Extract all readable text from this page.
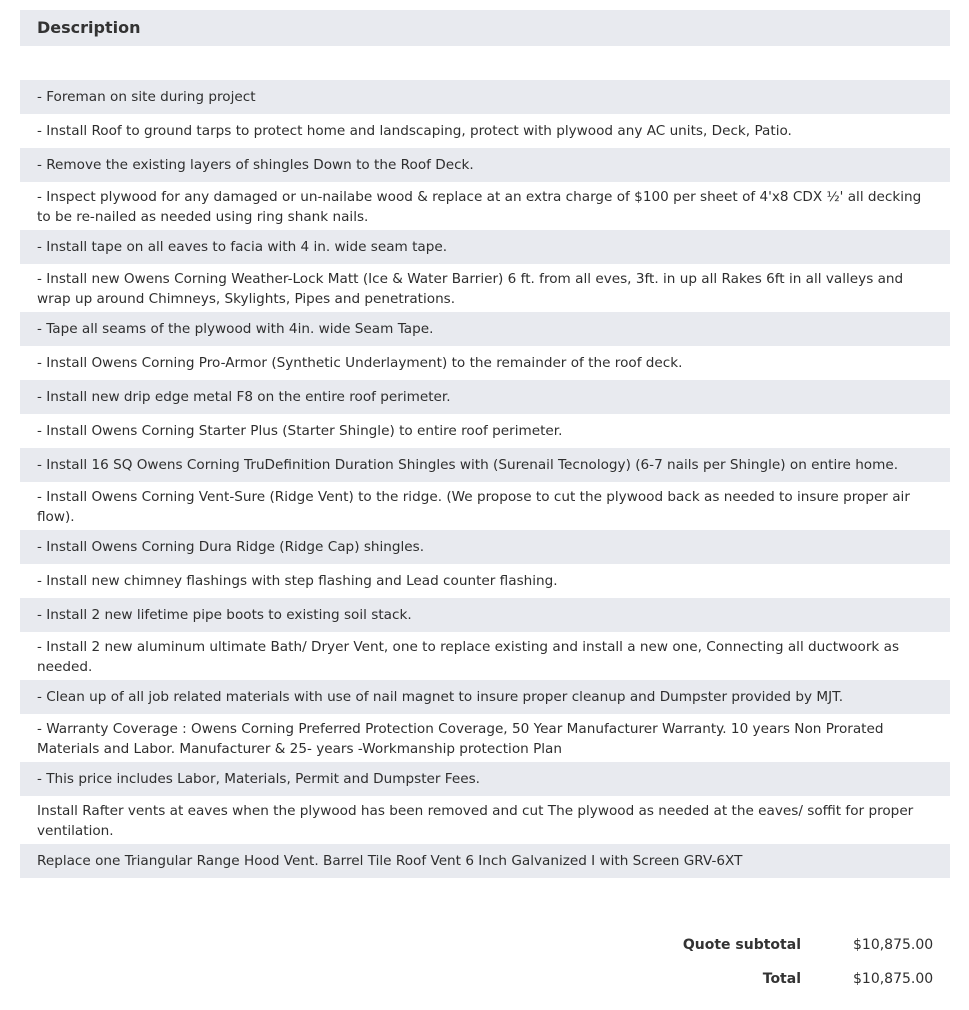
Description
- Foreman on site during project
- Install Roof to ground tarps to protect home and landscaping, protect with plywood any AC units, Deck, Patio.
- Remove the existing layers of shingles Down to the Roof Deck.
- Inspect plywood for any damaged or un-nailabe wood & replace at an extra charge of $100 per sheet of 4'x8 CDX ½' all decking to be re-nailed as needed using ring shank nails.
- Install tape on all eaves to facia with 4 in. wide seam tape.
- Install new Owens Corning Weather-Lock Matt (Ice & Water Barrier) 6 ft. from all eves, 3ft. in up all Rakes 6ft in all valleys and wrap up around Chimneys, Skylights, Pipes and penetrations.
- Tape all seams of the plywood with 4in. wide Seam Tape.
- Install Owens Corning Pro-Armor (Synthetic Underlayment) to the remainder of the roof deck.
- Install new drip edge metal F8 on the entire roof perimeter.
- Install Owens Corning Starter Plus (Starter Shingle) to entire roof perimeter.
- Install 16 SQ Owens Corning TruDefinition Duration Shingles with (Surenail Tecnology) (6-7 nails per Shingle) on entire home.
- Install Owens Corning Vent-Sure (Ridge Vent) to the ridge. (We propose to cut the plywood back as needed to insure proper air flow).
- Install Owens Corning Dura Ridge (Ridge Cap) shingles.
- Install new chimney flashings with step flashing and Lead counter flashing.
- Install 2 new lifetime pipe boots to existing soil stack.
- Install 2 new aluminum ultimate Bath/ Dryer Vent, one to replace existing and install a new one, Connecting all ductwoork as needed.
- Clean up of all job related materials with use of nail magnet to insure proper cleanup and Dumpster provided by MJT.
- Warranty Coverage : Owens Corning Preferred Protection Coverage, 50 Year Manufacturer Warranty. 10 years Non Prorated Materials and Labor. Manufacturer & 25- years -Workmanship protection Plan
- This price includes Labor, Materials, Permit and Dumpster Fees.
Install Rafter vents at eaves when the plywood has been removed and cut The plywood as needed at the eaves/ soffit for proper ventilation.
Replace one Triangular Range Hood Vent. Barrel Tile Roof Vent 6 Inch Galvanized I with Screen GRV-6XT
Quote subtotal	$10,875.00
Total	$10,875.00
